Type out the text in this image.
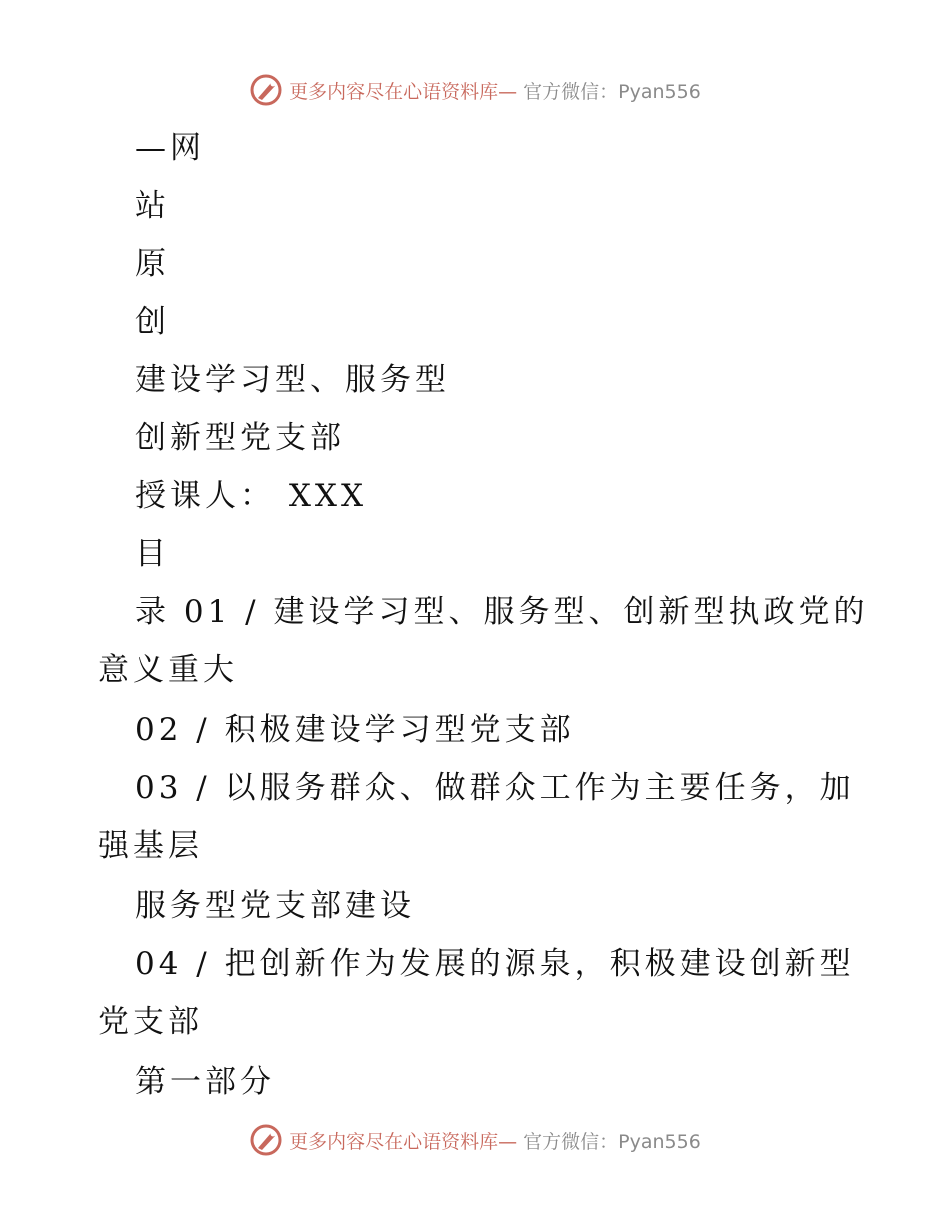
更多内容尽在心语资料库— 官方微信：Pyan556
—网
站
原
创
建设学习型、服务型
创新型党支部
授课人： XXX
目
录 01 / 建设学习型、服务型、创新型执政党的
意义重大
02 / 积极建设学习型党支部
03 / 以服务群众、做群众工作为主要任务，加
强基层
服务型党支部建设
04 / 把创新作为发展的源泉，积极建设创新型
党支部
第一部分
更多内容尽在心语资料库— 官方微信：Pyan556
